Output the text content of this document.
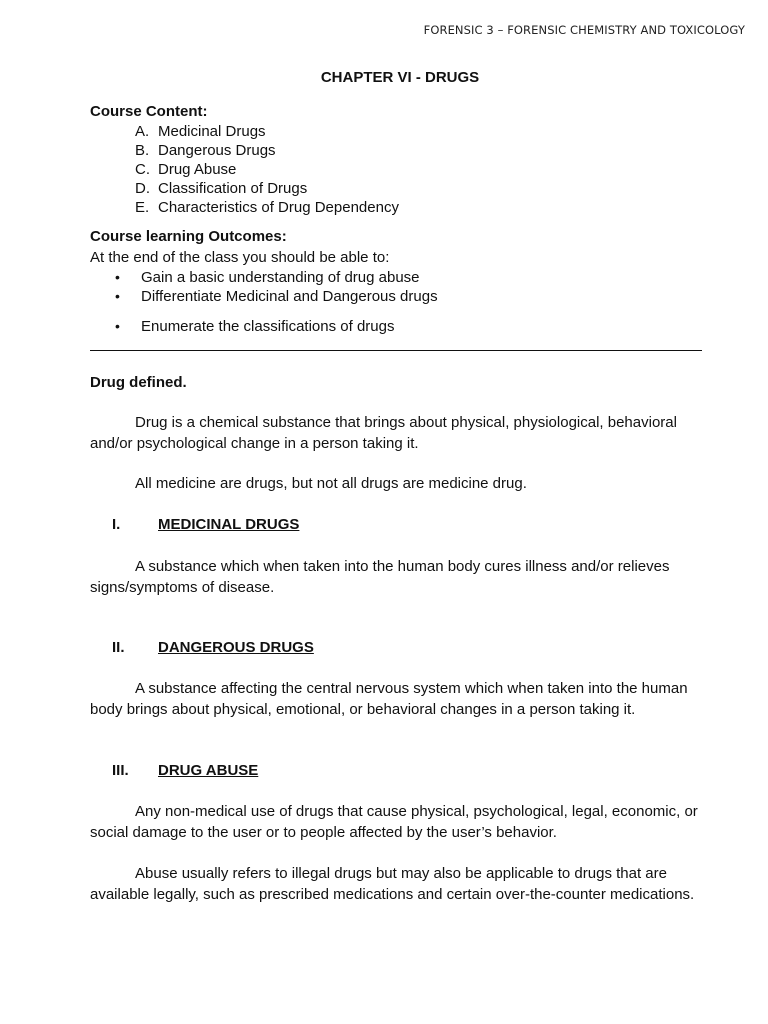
FORENSIC 3 – FORENSIC CHEMISTRY AND TOXICOLOGY
CHAPTER VI - DRUGS
Course Content:
A. Medicinal Drugs
B. Dangerous Drugs
C. Drug Abuse
D. Classification of Drugs
E. Characteristics of Drug Dependency
Course learning Outcomes:
At the end of the class you should be able to:
• Gain a basic understanding of drug abuse
• Differentiate Medicinal and Dangerous drugs
• Enumerate the classifications of drugs
Drug defined.

Drug is a chemical substance that brings about physical, physiological, behavioral and/or psychological change in a person taking it.

All medicine are drugs, but not all drugs are medicine drug.

I.	MEDICINAL DRUGS

A substance which when taken into the human body cures illness and/or relieves signs/symptoms of disease.

II. DANGEROUS DRUGS

A substance affecting the central nervous system which when taken into the human body brings about physical, emotional, or behavioral changes in a person taking it.

III. DRUG ABUSE

Any non-medical use of drugs that cause physical, psychological, legal, economic, or social damage to the user or to people affected by the user’s behavior.

Abuse usually refers to illegal drugs but may also be applicable to drugs that are available legally, such as prescribed medications and certain over-the-counter medications.
